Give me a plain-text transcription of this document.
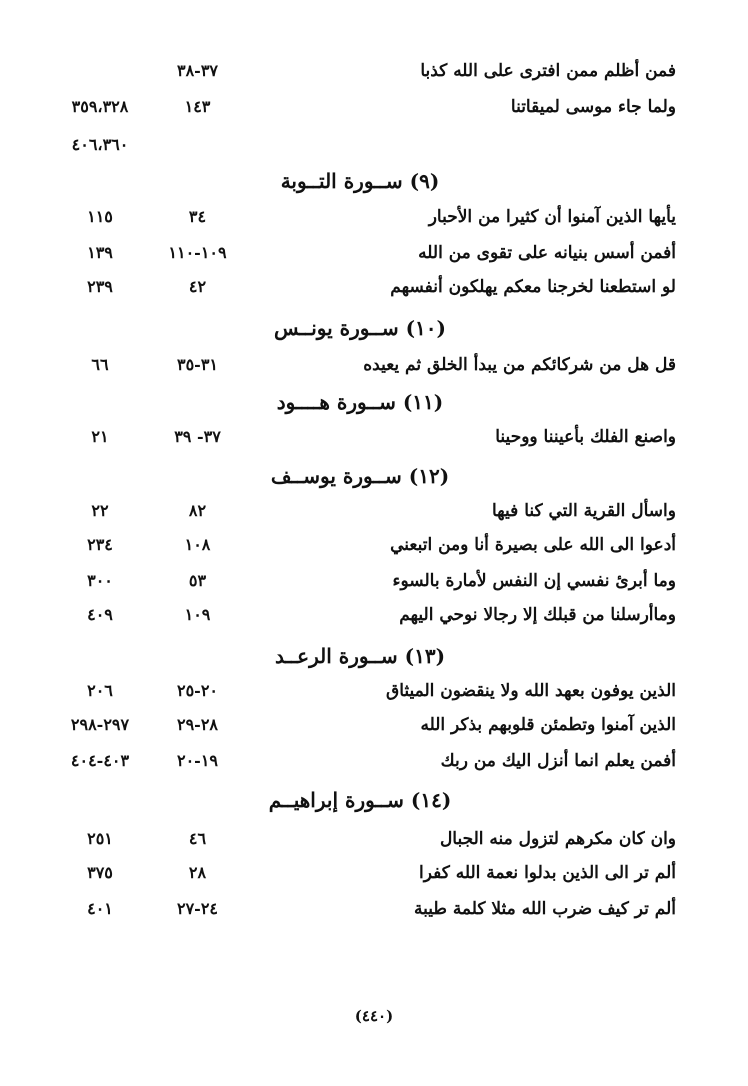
فمن أظلم ممن افترى على الله كذبا
٣٧-٣٨
ولما جاء موسى لميقاتنا
١٤٣
٣٥٩،٣٢٨
٤٠٦،٣٦٠
(٩) ســورة التــوبة
يأيها الذين آمنوا أن كثيرا من الأحبار
٣٤
١١٥
أفمن أسس بنيانه على تقوى من الله
١٠٩-١١٠
١٣٩
لو استطعنا لخرجنا معكم يهلكون أنفسهم
٤٢
٢٣٩
(١٠) ســورة يونــس
قل هل من شركائكم من يبدأ الخلق ثم يعيده
٣١-٣٥
٦٦
(١١) ســورة هــــود
واصنع الفلك بأعيننا ووحينا
٣٧- ٣٩
٢١
(١٢) ســورة يوســف
واسأل القرية التي كنا فيها
٨٢
٢٢
أدعوا الى الله على بصيرة أنا ومن اتبعني
١٠٨
٢٣٤
وما أبرئ نفسي إن النفس لأمارة بالسوء
٥٣
٣٠٠
وماأرسلنا من قبلك إلا رجالا نوحي اليهم
١٠٩
٤٠٩
(١٣) ســورة الرعــد
الذين يوفون بعهد الله ولا ينقضون الميثاق
٢٠-٢٥
٢٠٦
الذين آمنوا وتطمئن قلوبهم بذكر الله
٢٨-٢٩
٢٩٧-٢٩٨
أفمن يعلم انما أنزل اليك من ربك
١٩-٢٠
٤٠٣-٤٠٤
(١٤) ســورة إبراهيــم
وان كان مكرهم لتزول منه الجبال
٤٦
٢٥١
ألم تر الى الذين بدلوا نعمة الله كفرا
٢٨
٣٧٥
ألم تر كيف ضرب الله مثلا كلمة طيبة
٢٤-٢٧
٤٠١
(٤٤٠)
